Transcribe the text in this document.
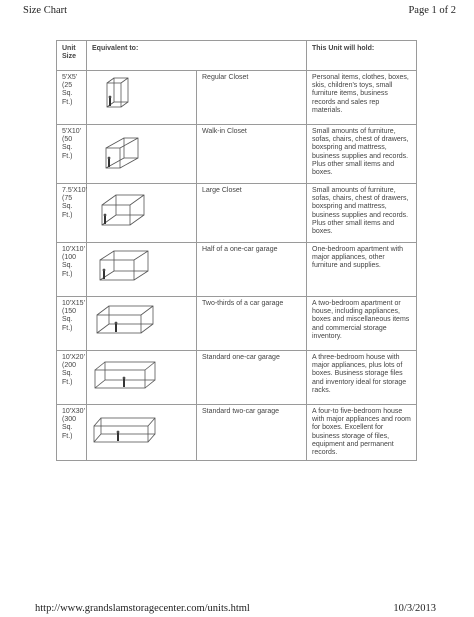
Size Chart	Page 1 of 2
Unit Size	Equivalent to:		This Unit will hold:
5'X5' (25 Sq. Ft.)		Regular Closet	Personal items, clothes, boxes, skis, children's toys, small furniture items, business records and sales rep materials.
5'X10' (50 Sq. Ft.)		Walk-in Closet	Small amounts of furniture, sofas, chairs, chest of drawers, boxspring and mattress, business supplies and records. Plus other small items and boxes.
7.5'X10' (75 Sq. Ft.)		Large Closet	Small amounts of furniture, sofas, chairs, chest of drawers, boxspring and mattress, business supplies and records. Plus other small items and boxes.
10'X10' (100 Sq. Ft.)		Half of a one-car garage	One-bedroom apartment with major appliances, other furniture and supplies.
10'X15' (150 Sq. Ft.)		Two-thirds of a car garage	A two-bedroom apartment or house, including appliances, boxes and miscellaneous items and commercial storage inventory.
10'X20' (200 Sq. Ft.)		Standard one-car garage	A three-bedroom house with major appliances, plus lots of boxes. Business storage files and inventory ideal for storage racks.
10'X30' (300 Sq. Ft.)		Standard two-car garage	A four-to five-bedroom house with major appliances and room for boxes. Excellent for business storage of files, equipment and permanent records.
http://www.grandslamstoragecenter.com/units.html	10/3/2013
